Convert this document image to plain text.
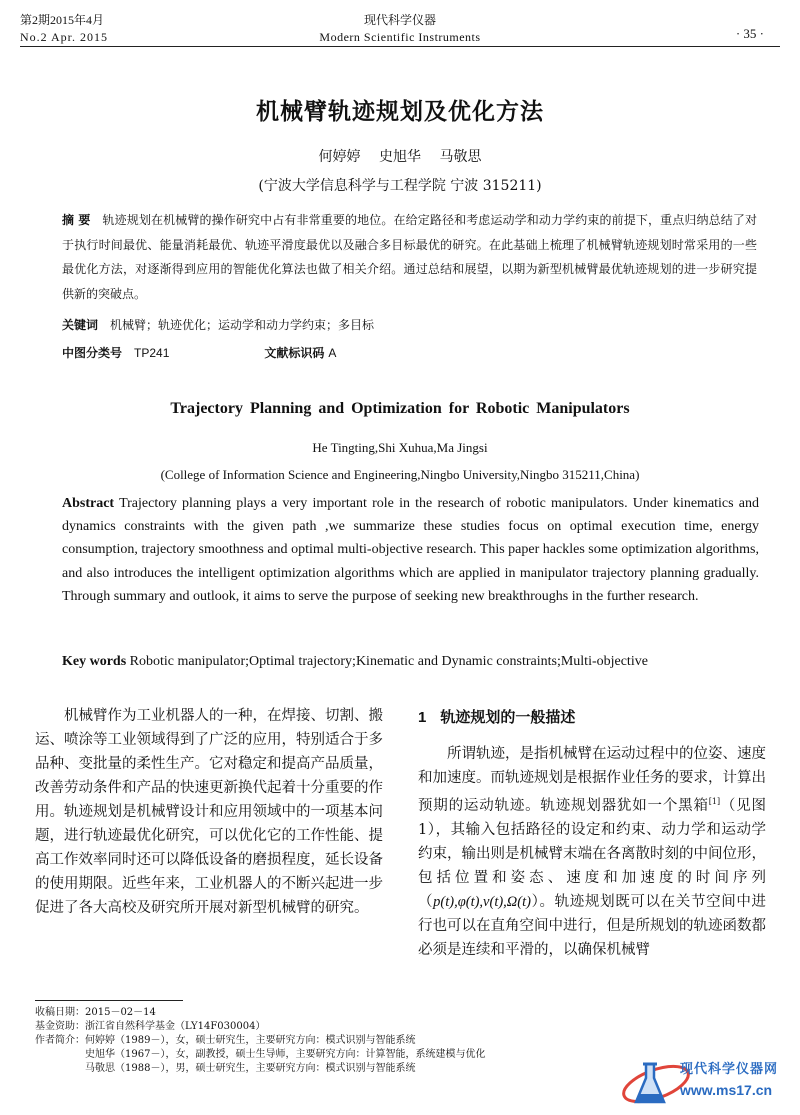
第2期2015年4月
No.2 Apr. 2015
现代科学仪器
Modern Scientific Instruments	· 35 ·
机械臂轨迹规划及优化方法
何婷婷 史旭华 马敬思
(宁波大学信息科学与工程学院 宁波 315211)
摘 要 轨迹规划在机械臂的操作研究中占有非常重要的地位。在给定路径和考虑运动学和动力学约束的前提下，重点归纳总结了对于执行时间最优、能量消耗最优、轨迹平滑度最优以及融合多目标最优的研究。在此基础上梳理了机械臂轨迹规划时常采用的一些最优化方法，对逐渐得到应用的智能优化算法也做了相关介绍。通过总结和展望，以期为新型机械臂最优轨迹规划的进一步研究提供新的突破点。
关键词 机械臂；轨迹优化；运动学和动力学约束；多目标
中图分类号 TP241	文献标识码 A
Trajectory Planning and Optimization for Robotic Manipulators
He Tingting,Shi Xuhua,Ma Jingsi
(College of Information Science and Engineering,Ningbo University,Ningbo 315211,China)
Abstract Trajectory planning plays a very important role in the research of robotic manipulators. Under kinematics and dynamics constraints with the given path ,we summarize these studies focus on optimal execution time, energy consumption, trajectory smoothness and optimal multi-objective research. This paper hackles some optimization algorithms, and also introduces the intelligent optimization algorithms which are applied in manipulator trajectory planning gradually. Through summary and outlook, it aims to serve the purpose of seeking new breakthroughs in the further research.
Key words Robotic manipulator;Optimal trajectory;Kinematic and Dynamic constraints;Multi-objective
机械臂作为工业机器人的一种，在焊接、切割、搬运、喷涂等工业领域得到了广泛的应用，特别适合于多品种、变批量的柔性生产。它对稳定和提高产品质量，改善劳动条件和产品的快速更新换代起着十分重要的作用。轨迹规划是机械臂设计和应用领域中的一项基本问题，进行轨迹最优化研究，可以优化它的工作性能、提高工作效率同时还可以降低设备的磨损程度，延长设备的使用期限。近些年来，工业机器人的不断兴起进一步促进了各大高校及研究所开展对新型机械臂的研究。
1 轨迹规划的一般描述
所谓轨迹，是指机械臂在运动过程中的位姿、速度和加速度。而轨迹规划是根据作业任务的要求，计算出预期的运动轨迹。轨迹规划器犹如一个黑箱[1]（见图 1），其输入包括路径的设定和约束、动力学和运动学约束，输出则是机械臂末端在各离散时刻的中间位形，包括位置和姿态、速度和加速度的时间序列（p(t),φ(t),v(t),Ω(t)）。轨迹规划既可以在关节空间中进行也可以在直角空间中进行，但是所规划的轨迹函数都必须是连续和平滑的，以确保机械臂
收稿日期：2015－02－14
基金资助：浙江省自然科学基金（LY14F030004）
作者简介：何婷婷（1989－），女，硕士研究生，主要研究方向：模式识别与智能系统
史旭华（1967－），女，副教授，硕士生导师，主要研究方向：计算智能，系统建模与优化
马敬思（1988－），男，硕士研究生，主要研究方向：模式识别与智能系统	现代科学仪器网
www.ms17.cn
